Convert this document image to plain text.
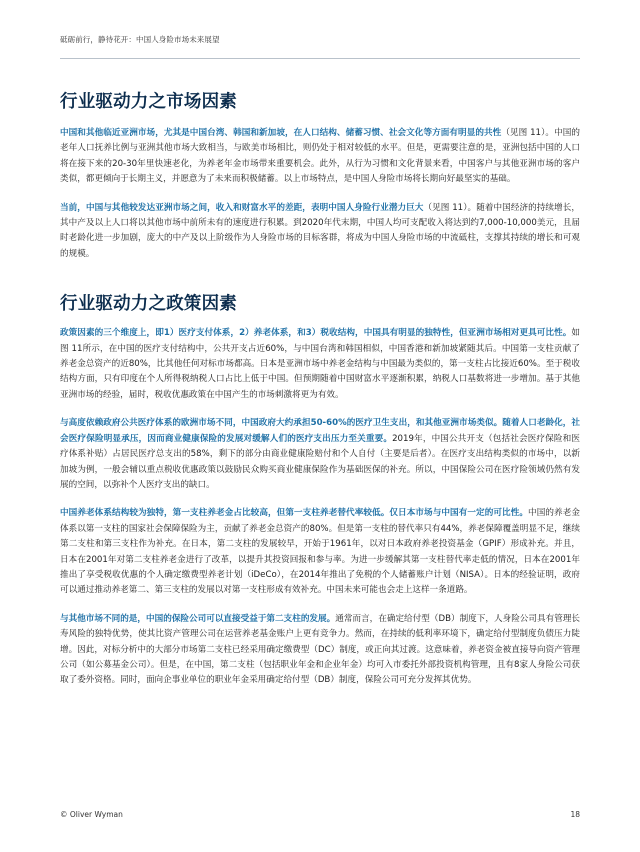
砥砺前行，静待花开：中国人身险市场未来展望
行业驱动力之市场因素

中国和其他临近亚洲市场，尤其是中国台湾、韩国和新加坡，在人口结构、储蓄习惯、社会文化等方面有明显的共性（见图 11）。中国的老年人口抚养比例与亚洲其他市场大致相当，与欧美市场相比，则仍处于相对较低的水平。但是，更需要注意的是，亚洲包括中国的人口将在接下来的20-30年里快速老化，为养老年金市场带来重要机会。此外，从行为习惯和文化背景来看，中国客户与其他亚洲市场的客户类似，都更倾向于长期主义，并愿意为了未来而积极储蓄。以上市场特点，是中国人身险市场将长期向好最坚实的基础。

当前，中国与其他较发达亚洲市场之间，收入和财富水平的差距，表明中国人身险行业潜力巨大（见图 11）。随着中国经济的持续增长，其中产及以上人口将以其他市场中前所未有的速度进行积累。到2020年代末期，中国人均可支配收入将达到约7,000-10,000美元，且届时老龄化进一步加剧，庞大的中产及以上阶级作为人身险市场的目标客群，将成为中国人身险市场的中流砥柱，支撑其持续的增长和可观的规模。

行业驱动力之政策因素

政策因素的三个维度上，即1）医疗支付体系，2）养老体系，和3）税收结构，中国具有明显的独特性，但亚洲市场相对更具可比性。如图 11所示，在中国的医疗支付结构中，公共开支占近60%，与中国台湾和韩国相似，中国香港和新加坡紧随其后。中国第一支柱贡献了养老金总资产的近80%，比其他任何对标市场都高。日本是亚洲市场中养老金结构与中国最为类似的，第一支柱占比接近60%。至于税收结构方面，只有印度在个人所得税纳税人口占比上低于中国。但预期随着中国财富水平逐渐积累，纳税人口基数将进一步增加。基于其他亚洲市场的经验，届时，税收优惠政策在中国产生的市场刺激将更为有效。

与高度依赖政府公共医疗体系的欧洲市场不同，中国政府大约承担50-60%的医疗卫生支出，和其他亚洲市场类似。随着人口老龄化，社会医疗保险明显承压，因而商业健康保险的发展对缓解人们的医疗支出压力至关重要。2019年，中国公共开支（包括社会医疗保险和医疗体系补贴）占居民医疗总支出的58%，剩下的部分由商业健康险赔付和个人自付（主要是后者）。在医疗支出结构类似的市场中，以新加坡为例，一般会辅以重点税收优惠政策以鼓励民众购买商业健康保险作为基础医保的补充。所以，中国保险公司在医疗险领域仍然有发展的空间，以弥补个人医疗支出的缺口。

中国养老体系结构较为独特，第一支柱养老金占比较高，但第一支柱养老替代率较低。仅日本市场与中国有一定的可比性。中国的养老金体系以第一支柱的国家社会保障保险为主，贡献了养老金总资产的80%。但是第一支柱的替代率只有44%，养老保障覆盖明显不足，继续第二支柱和第三支柱作为补充。在日本，第二支柱的发展较早，开始于1961年，以对日本政府养老投资基金（GPIF）形成补充。并且，日本在2001年对第二支柱养老金进行了改革，以提升其投资回报和参与率。为进一步缓解其第一支柱替代率走低的情况，日本在2001年推出了享受税收优惠的个人确定缴费型养老计划（iDeCo），在2014年推出了免税的个人储蓄账户计划（NISA）。日本的经验证明，政府可以通过推动养老第二、第三支柱的发展以对第一支柱形成有效补充。中国未来可能也会走上这样一条道路。

与其他市场不同的是，中国的保险公司可以直接受益于第二支柱的发展。通常而言，在确定给付型（DB）制度下，人身险公司具有管理长寿风险的独特优势，使其比资产管理公司在运营养老基金账户上更有竞争力。然而，在持续的低利率环境下，确定给付型制度负债压力陡增。因此，对标分析中的大部分市场第二支柱已经采用确定缴费型（DC）制度，或正向其过渡。这意味着，养老资金被直接导向资产管理公司（如公募基金公司）。但是，在中国，第二支柱（包括职业年金和企业年金）均可入市委托外部投资机构管理，且有8家人身险公司获取了委外资格。同时，面向企事业单位的职业年金采用确定给付型（DB）制度，保险公司可充分发挥其优势。

© Oliver Wyman	18
